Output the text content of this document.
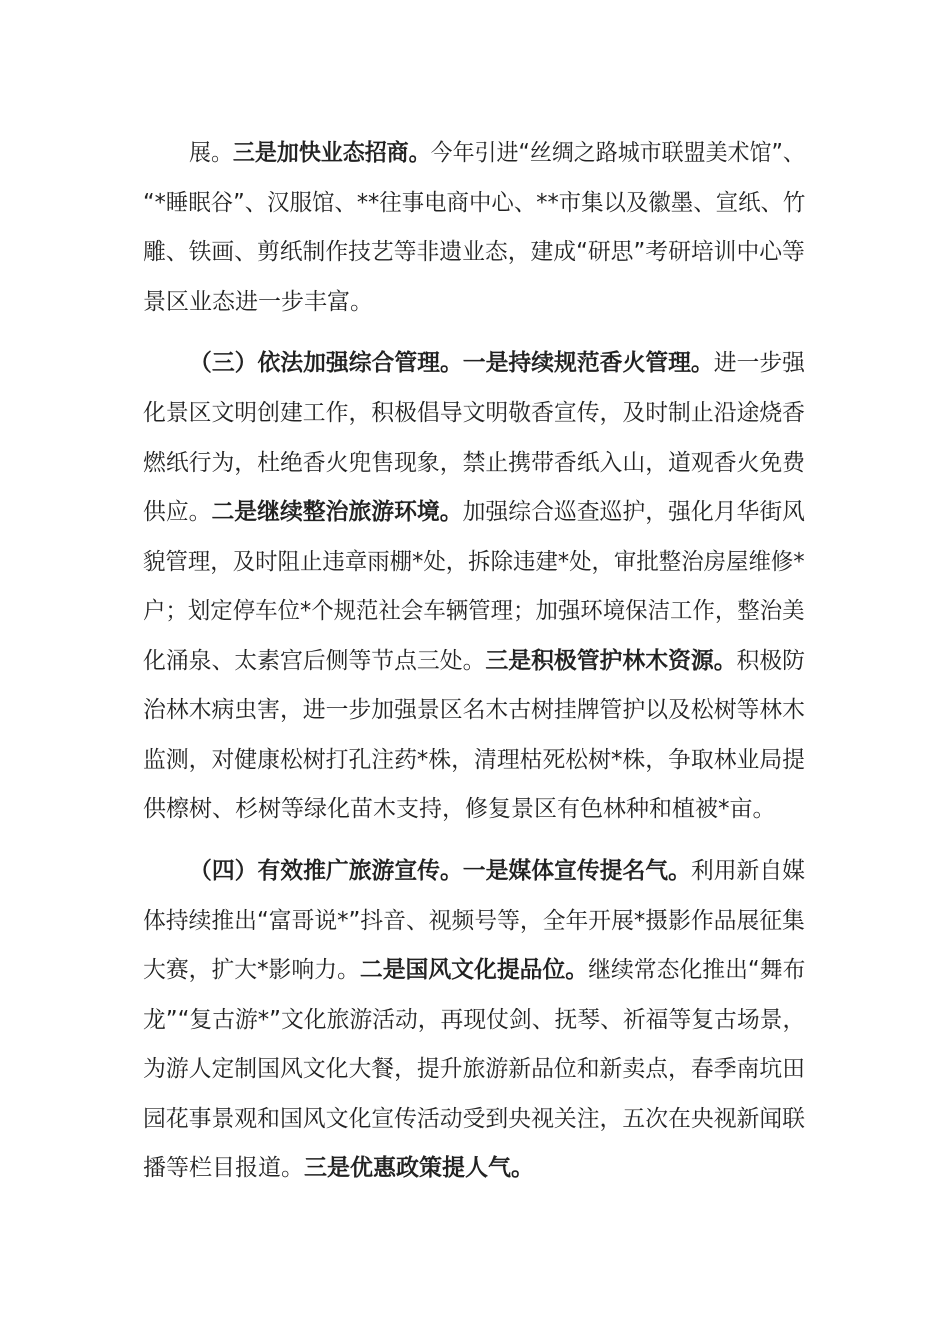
展。三是加快业态招商。今年引进“丝绸之路城市联盟美术馆”、
“*睡眠谷”、汉服馆、**往事电商中心、**市集以及徽墨、宣纸、竹
雕、铁画、剪纸制作技艺等非遗业态，建成“研思”考研培训中心等
景区业态进一步丰富。
（三）依法加强综合管理。一是持续规范香火管理。进一步强
化景区文明创建工作，积极倡导文明敬香宣传，及时制止沿途烧香
燃纸行为，杜绝香火兜售现象，禁止携带香纸入山，道观香火免费
供应。二是继续整治旅游环境。加强综合巡查巡护，强化月华街风
貌管理，及时阻止违章雨棚*处，拆除违建*处，审批整治房屋维修*
户；划定停车位*个规范社会车辆管理；加强环境保洁工作，整治美
化涌泉、太素宫后侧等节点三处。三是积极管护林木资源。积极防
治林木病虫害，进一步加强景区名木古树挂牌管护以及松树等林木
监测，对健康松树打孔注药*株，清理枯死松树*株，争取林业局提
供檫树、杉树等绿化苗木支持，修复景区有色林种和植被*亩。
（四）有效推广旅游宣传。一是媒体宣传提名气。利用新自媒
体持续推出“富哥说*”抖音、视频号等，全年开展*摄影作品展征集
大赛，扩大*影响力。二是国风文化提品位。继续常态化推出“舞布
龙”“复古游*”文化旅游活动，再现仗剑、抚琴、祈福等复古场景，
为游人定制国风文化大餐，提升旅游新品位和新卖点，春季南坑田
园花事景观和国风文化宣传活动受到央视关注，五次在央视新闻联
播等栏目报道。三是优惠政策提人气。
